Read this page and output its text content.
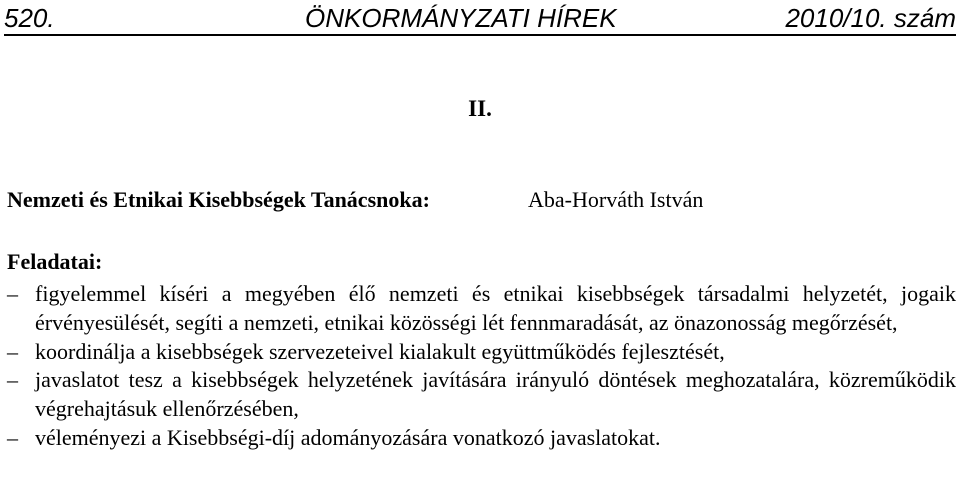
520.	ÖNKORMÁNYZATI HÍREK	2010/10. szám
II.
Nemzeti és Etnikai Kisebbségek Tanácsnoka:	Aba-Horváth István
Feladatai:
– figyelemmel kíséri a megyében élő nemzeti és etnikai kisebbségek társadalmi helyzetét, jogaik érvényesülését, segíti a nemzeti, etnikai közösségi lét fennmaradását, az önazonosság megőrzését,
– koordinálja a kisebbségek szervezeteivel kialakult együttműködés fejlesztését,
– javaslatot tesz a kisebbségek helyzetének javítására irányuló döntések meghozatalára, közreműködik végrehajtásuk ellenőrzésében,
– véleményezi a Kisebbségi-díj adományozására vonatkozó javaslatokat.
